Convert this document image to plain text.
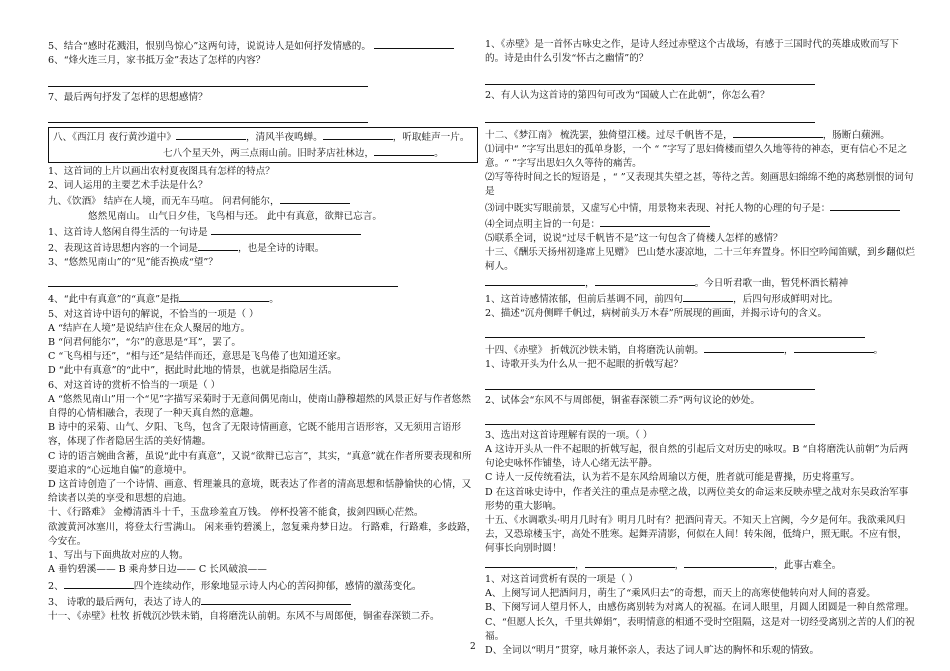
5、结合“感时花溅泪，恨别鸟惊心”这两句诗，说说诗人是如何抒发情感的。
6、“烽火连三月，家书抵万金”表达了怎样的内容？
7、最后两句抒发了怎样的思想感情？
八、《西江月 夜行黄沙道中》	，清风半夜鸣蝉。	，听取蛙声一片。
七八个星天外，两三点雨山前。旧时茅店社林边，	。
1、这首词的上片以画出农村夏夜图具有怎样的特点？
2、词人运用的主要艺术手法是什么？
九、《饮酒》 结庐在人境，而无车马喧。 问君何能尔，
悠然见南山。 山气日夕佳，飞鸟相与还。 此中有真意，欲辩已忘言。
1、这首诗人悠闲自得生活的一句诗是
2、表现这首诗思想内容的一个词是	，也是全诗的诗眼。
3、“悠然见南山”的“见”能否换成“望”？
4、“此中有真意”的“真意”是指	。
5、对这首诗中语句的解说，不恰当的一项是（ ）
A “结庐在人境”是说结庐住在众人聚居的地方。
B “问君何能尔”，“尔”的意思是“耳”，罢了。
C “飞鸟相与还”，“相与还”是结伴而还，意思是飞鸟倦了也知道还家。
D “此中有真意”的“此中”，据此时此地的情景，也就是指隐居生活。
6、对这首诗的赏析不恰当的一项是（ ）
A “悠然见南山”用一个“见”字描写采菊时于无意间偶见南山，使南山静穆超然的风景正好与作者悠然自得的心情相融合，表现了一种天真自然的意趣。
B 诗中的采菊、山气、夕阳、飞鸟，包含了无限诗情画意，它既不能用言语形容，又无须用言语形容，体现了作者隐居生活的美好情趣。
C 诗的语言婉曲含蓄，虽说“此中有真意”，又说“欲辩已忘言”，其实，“真意”就在作者所要表现和所要追求的“心远地自偏”的意境中。
D 这首诗创造了一个诗情、画意、哲理兼具的意境，既表达了作者的清高思想和恬静愉快的心情，又给读者以美的享受和思想的启迪。
十、《行路难》 金樽清酒斗十千，玉盘珍羞直万钱。 停杯投箸不能食，拔剑四顾心茫然。
欲渡黄河冰塞川，将登太行雪满山。 闲来垂钓碧溪上，忽复乘舟梦日边。 行路难，行路难，多歧路，今安在。
1、写出与下面典故对应的人物。
A 垂钓碧溪—— B 乘舟梦日边—— C 长风破浪——
2、	四个连续动作，形象地显示诗人内心的苦闷抑郁，感情的激荡变化。
3、 诗歌的最后两句，表达了诗人的
十一、《赤壁》杜牧 折戟沉沙铁未销，自将磨洗认前朝。东风不与周郎便，铜雀春深锁二乔。
1、《赤壁》是一首怀古咏史之作，是诗人经过赤壁这个古战场，有感于三国时代的英雄成败而写下的。诗是由什么引发“怀古之幽情”的？
2、有人认为这首诗的第四句可改为“国破人亡在此朝”，你怎么看？
十二、《梦江南》 梳洗罢，独倚望江楼。过尽千帆皆不是，	，肠断白蘋洲。
⑴词中“ ”字写出思妇的孤单身影，一个 “ ”字写了思妇倚楼而望久久地等待的神态，更有信心不足之意。“ ”字写出思妇久久等待的痛苦。
⑵写等待时间之长的短语是 ，“ ”又表现其失望之甚，等待之苦。刻画思妇绵绵不绝的离愁别恨的词句是
⑶词中既实写眼前景，又虚写心中情，用景物来表现、衬托人物的心理的句子是：
⑷全词点明主旨的一句是：
⑸联系全词，说说“过尽千帆皆不是”这一句包含了倚楼人怎样的感情？
十三、《酬乐天扬州初逢席上见赠》 巴山楚水凄凉地，二十三年弃置身。怀旧空吟闻笛赋，到乡翻似烂柯人。
，	。今日听君歌一曲，暂凭杯酒长精神
1、这首诗感情浓郁，但前后基调不同，前四句	，后四句形成鲜明对比。
2、描述“沉舟侧畔千帆过，病树前头万木春”所展现的画面，并揭示诗句的含义。
十四、《赤壁》 折戟沉沙铁未销，自将磨洗认前朝。	，	。
1、诗歌开头为什么从一把不起眼的折戟写起？
2、试体会“东风不与周郎便，铜雀春深锁二乔”两句议论的妙处。
3、选出对这首诗理解有误的一项。（ ）
A 这诗开头从一件不起眼的折戟写起，很自然的引起后文对历史的咏叹。B “自将磨洗认前朝”为后两句论史咏怀作铺垫，诗人心绪无法平静。
C 诗人一反传统看法，认为若不是东风给周瑜以方便，胜者就可能是曹操，历史将重写。
D 在这首咏史诗中，作者关注的重点是赤壁之战，以两位美女的命运来反映赤壁之战对东吴政治军事形势的重大影响。
十五、《水调歌头·明月几时有》明月几时有？把酒问青天。不知天上宫阙，今夕是何年。我欲乘风归去，又恐琼楼玉宇，高处不胜寒。起舞弄清影，何似在人间！转朱阁，低绮户，照无眠。不应有恨，何事长向别时圆！
，	，	，此事古难全。
1、对这首词赏析有误的一项是（ ）
A、上阕写词人把酒问月，萌生了“乘风归去”的奇想，而天上的高寒使他转向对人间的喜爱。
B、下阕写词人望月怀人，由感伤离别转为对离人的祝福。在词人眼里，月圆人团圆是一种自然常理。
C、“但愿人长久，千里共婵娟”，表明情意的相通不受时空阻隔，这是对一切经受离别之苦的人们的祝福。
D、全词以“明月”贯穿，咏月兼怀亲人，表达了词人旷达的胸怀和乐观的情致。
2
